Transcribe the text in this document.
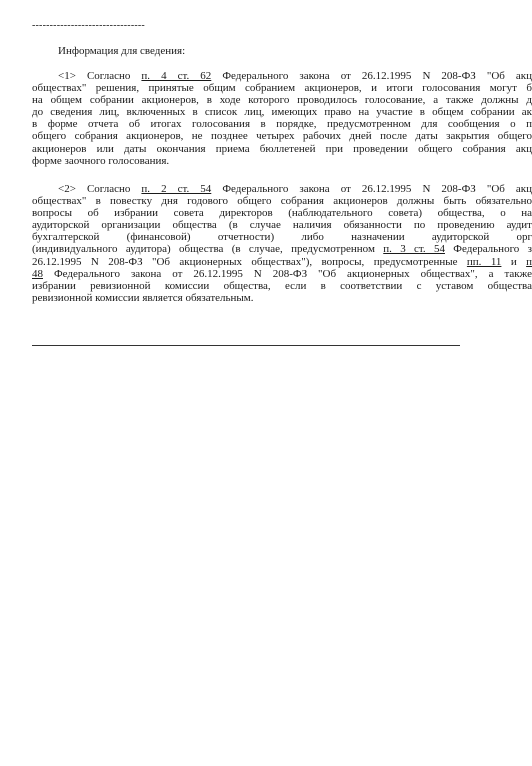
--------------------------------
Информация для сведения:
<1> Согласно п. 4 ст. 62 Федерального закона от 26.12.1995 N 208-ФЗ "Об акц
обществах" решения, принятые общим собранием акционеров, и итоги голосования могут б
на общем собрании акционеров, в ходе которого проводилось голосование, а также должны д
до сведения лиц, включенных в список лиц, имеющих право на участие в общем собрании ак
в форме отчета об итогах голосования в порядке, предусмотренном для сообщения о п
общего собрания акционеров, не позднее четырех рабочих дней после даты закрытия общего
акционеров или даты окончания приема бюллетеней при проведении общего собрания акц
форме заочного голосования.
<2> Согласно п. 2 ст. 54 Федерального закона от 26.12.1995 N 208-ФЗ "Об акц
обществах" в повестку дня годового общего собрания акционеров должны быть обязательно
вопросы об избрании совета директоров (наблюдательного совета) общества, о на
аудиторской организации общества (в случае наличия обязанности по проведению аудит
бухгалтерской (финансовой) отчетности) либо назначении аудиторской орг
(индивидуального аудитора) общества (в случае, предусмотренном п. 3 ст. 54 Федерального з
26.12.1995 N 208-ФЗ "Об акционерных обществах"), вопросы, предусмотренные пп. 11 и п
48 Федерального закона от 26.12.1995 N 208-ФЗ "Об акционерных обществах", а также
избрании ревизионной комиссии общества, если в соответствии с уставом общества
ревизионной комиссии является обязательным.
